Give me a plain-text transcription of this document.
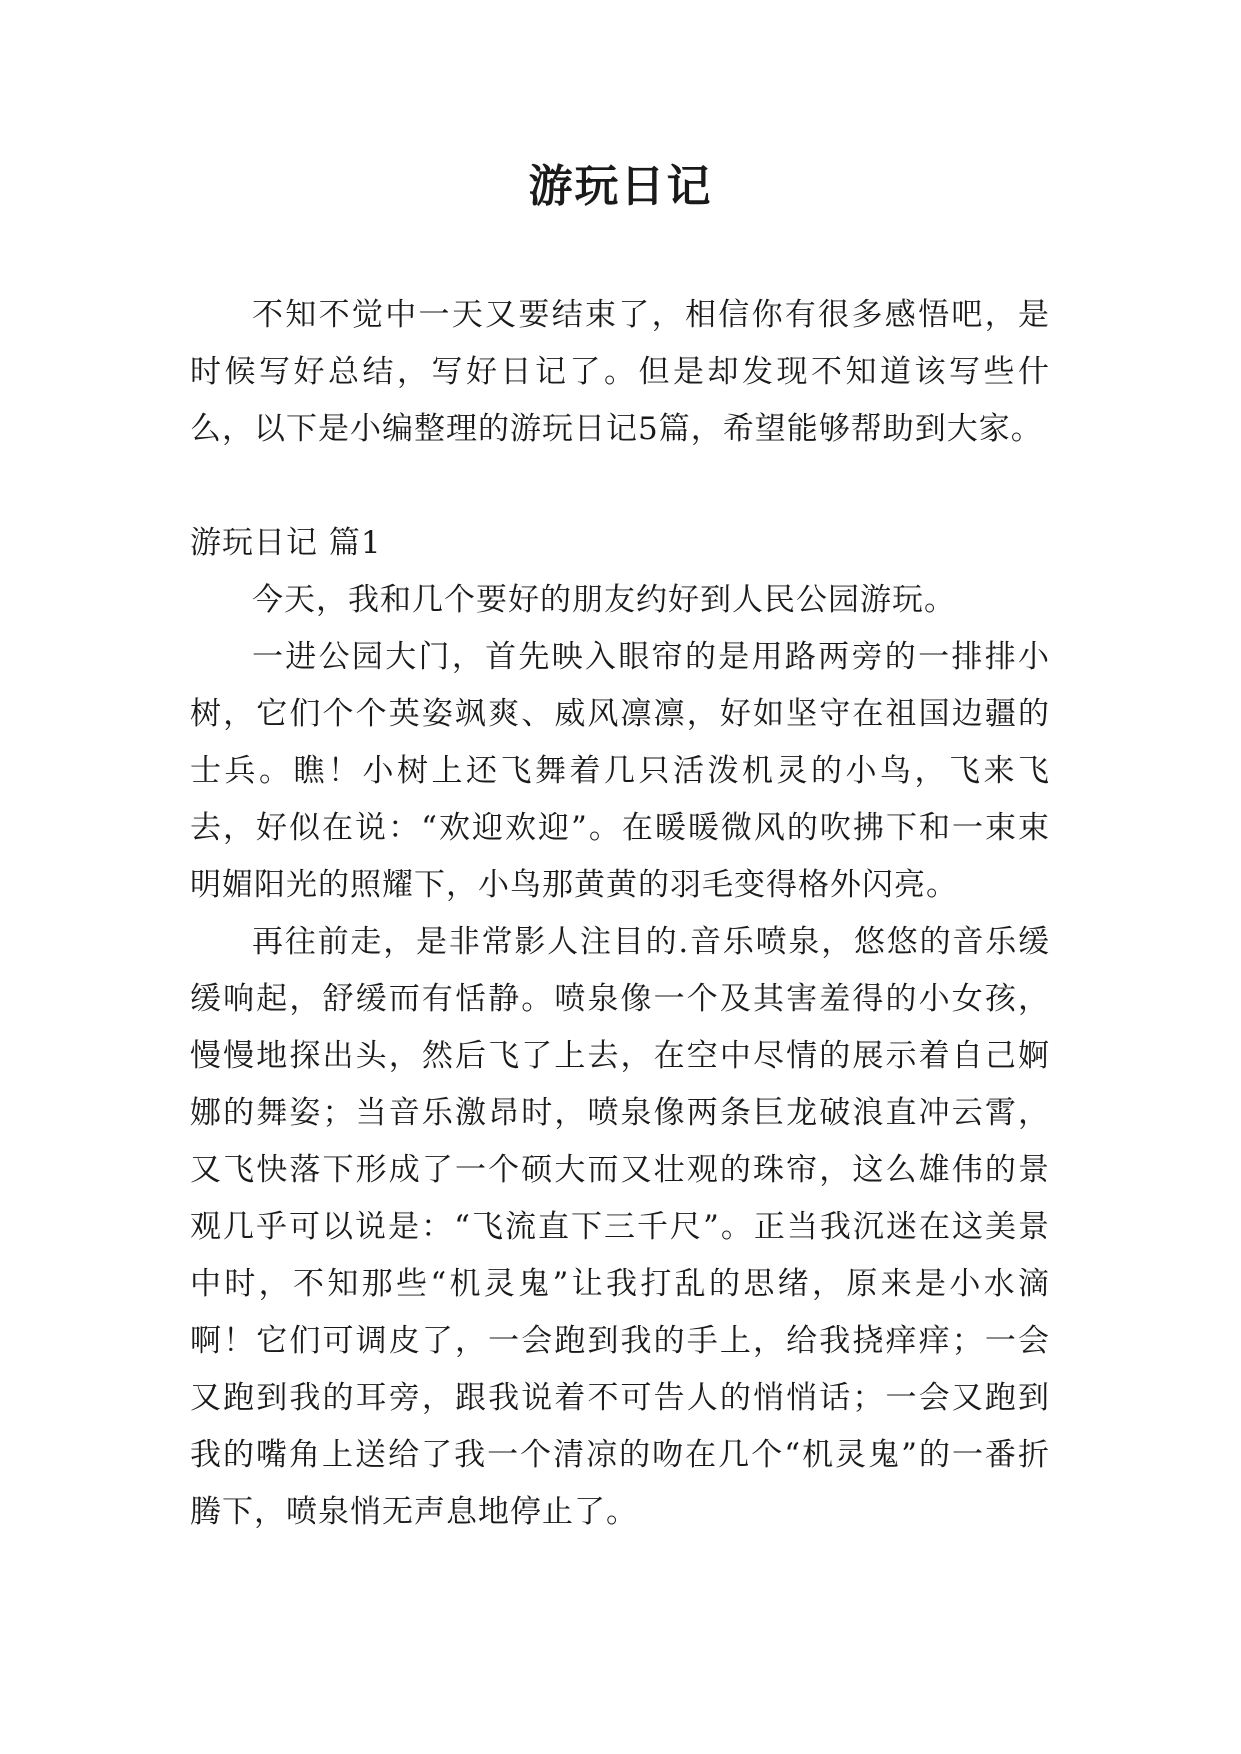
游玩日记

不知不觉中一天又要结束了，相信你有很多感悟吧，是时候写好总结，写好日记了。但是却发现不知道该写些什么，以下是小编整理的游玩日记5篇，希望能够帮助到大家。

游玩日记 篇1

今天，我和几个要好的朋友约好到人民公园游玩。

一进公园大门，首先映入眼帘的是用路两旁的一排排小树，它们个个英姿飒爽、威风凛凛，好如坚守在祖国边疆的士兵。瞧！小树上还飞舞着几只活泼机灵的小鸟，飞来飞去，好似在说：“欢迎欢迎”。在暖暖微风的吹拂下和一束束明媚阳光的照耀下，小鸟那黄黄的羽毛变得格外闪亮。

再往前走，是非常影人注目的.音乐喷泉，悠悠的音乐缓缓响起，舒缓而有恬静。喷泉像一个及其害羞得的小女孩，慢慢地探出头，然后飞了上去，在空中尽情的展示着自己婀娜的舞姿；当音乐激昂时，喷泉像两条巨龙破浪直冲云霄，又飞快落下形成了一个硕大而又壮观的珠帘，这么雄伟的景观几乎可以说是：“飞流直下三千尺”。正当我沉迷在这美景中时，不知那些“机灵鬼”让我打乱的思绪，原来是小水滴啊！它们可调皮了，一会跑到我的手上，给我挠痒痒；一会又跑到我的耳旁，跟我说着不可告人的悄悄话；一会又跑到我的嘴角上送给了我一个清凉的吻在几个“机灵鬼”的一番折腾下，喷泉悄无声息地停止了。
